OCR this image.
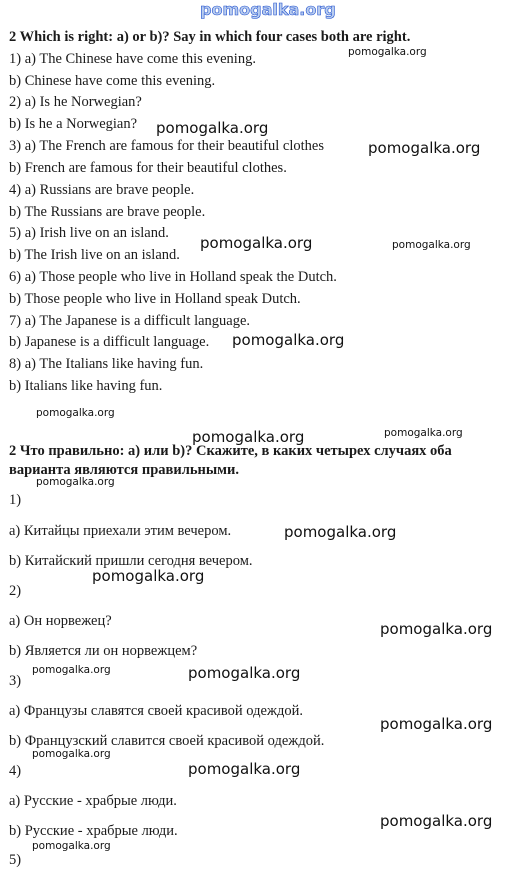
pomogalka.org
2 Which is right: a) or b)? Say in which four cases both are right.
1) a) The Chinese have come this evening.
b) Chinese have come this evening.
2) a) Is he Norwegian?
b) Is he a Norwegian?
3) a) The French are famous for their beautiful clothes
b) French are famous for their beautiful clothes.
4) a) Russians are brave people.
b) The Russians are brave people.
5) a) Irish live on an island.
b) The Irish live on an island.
6) a) Those people who live in Holland speak the Dutch.
b) Those people who live in Holland speak Dutch.
7) a) The Japanese is a difficult language.
b) Japanese is a difficult language.
8) a) The Italians like having fun.
b) Italians like having fun.
2 Что правильно: а) или b)? Скажите, в каких четырех случаях оба
варианта являются правильными.
1)
а) Китайцы приехали этим вечером.
b) Китайский пришли сегодня вечером.
2)
а) Он норвежец?
b) Является ли он норвежцем?
3)
а) Французы славятся своей красивой одеждой.
b) Французский славится своей красивой одеждой.
4)
а) Русские - храбрые люди.
b) Русские - храбрые люди.
5)
pomogalka.org
pomogalka.org
pomogalka.org
pomogalka.org	pomogalka.org
pomogalka.org
pomogalka.org
pomogalka.org	pomogalka.org
pomogalka.org
pomogalka.org
pomogalka.org
pomogalka.org
pomogalka.org	pomogalka.org
pomogalka.org
pomogalka.org
pomogalka.org
pomogalka.org
pomogalka.org
